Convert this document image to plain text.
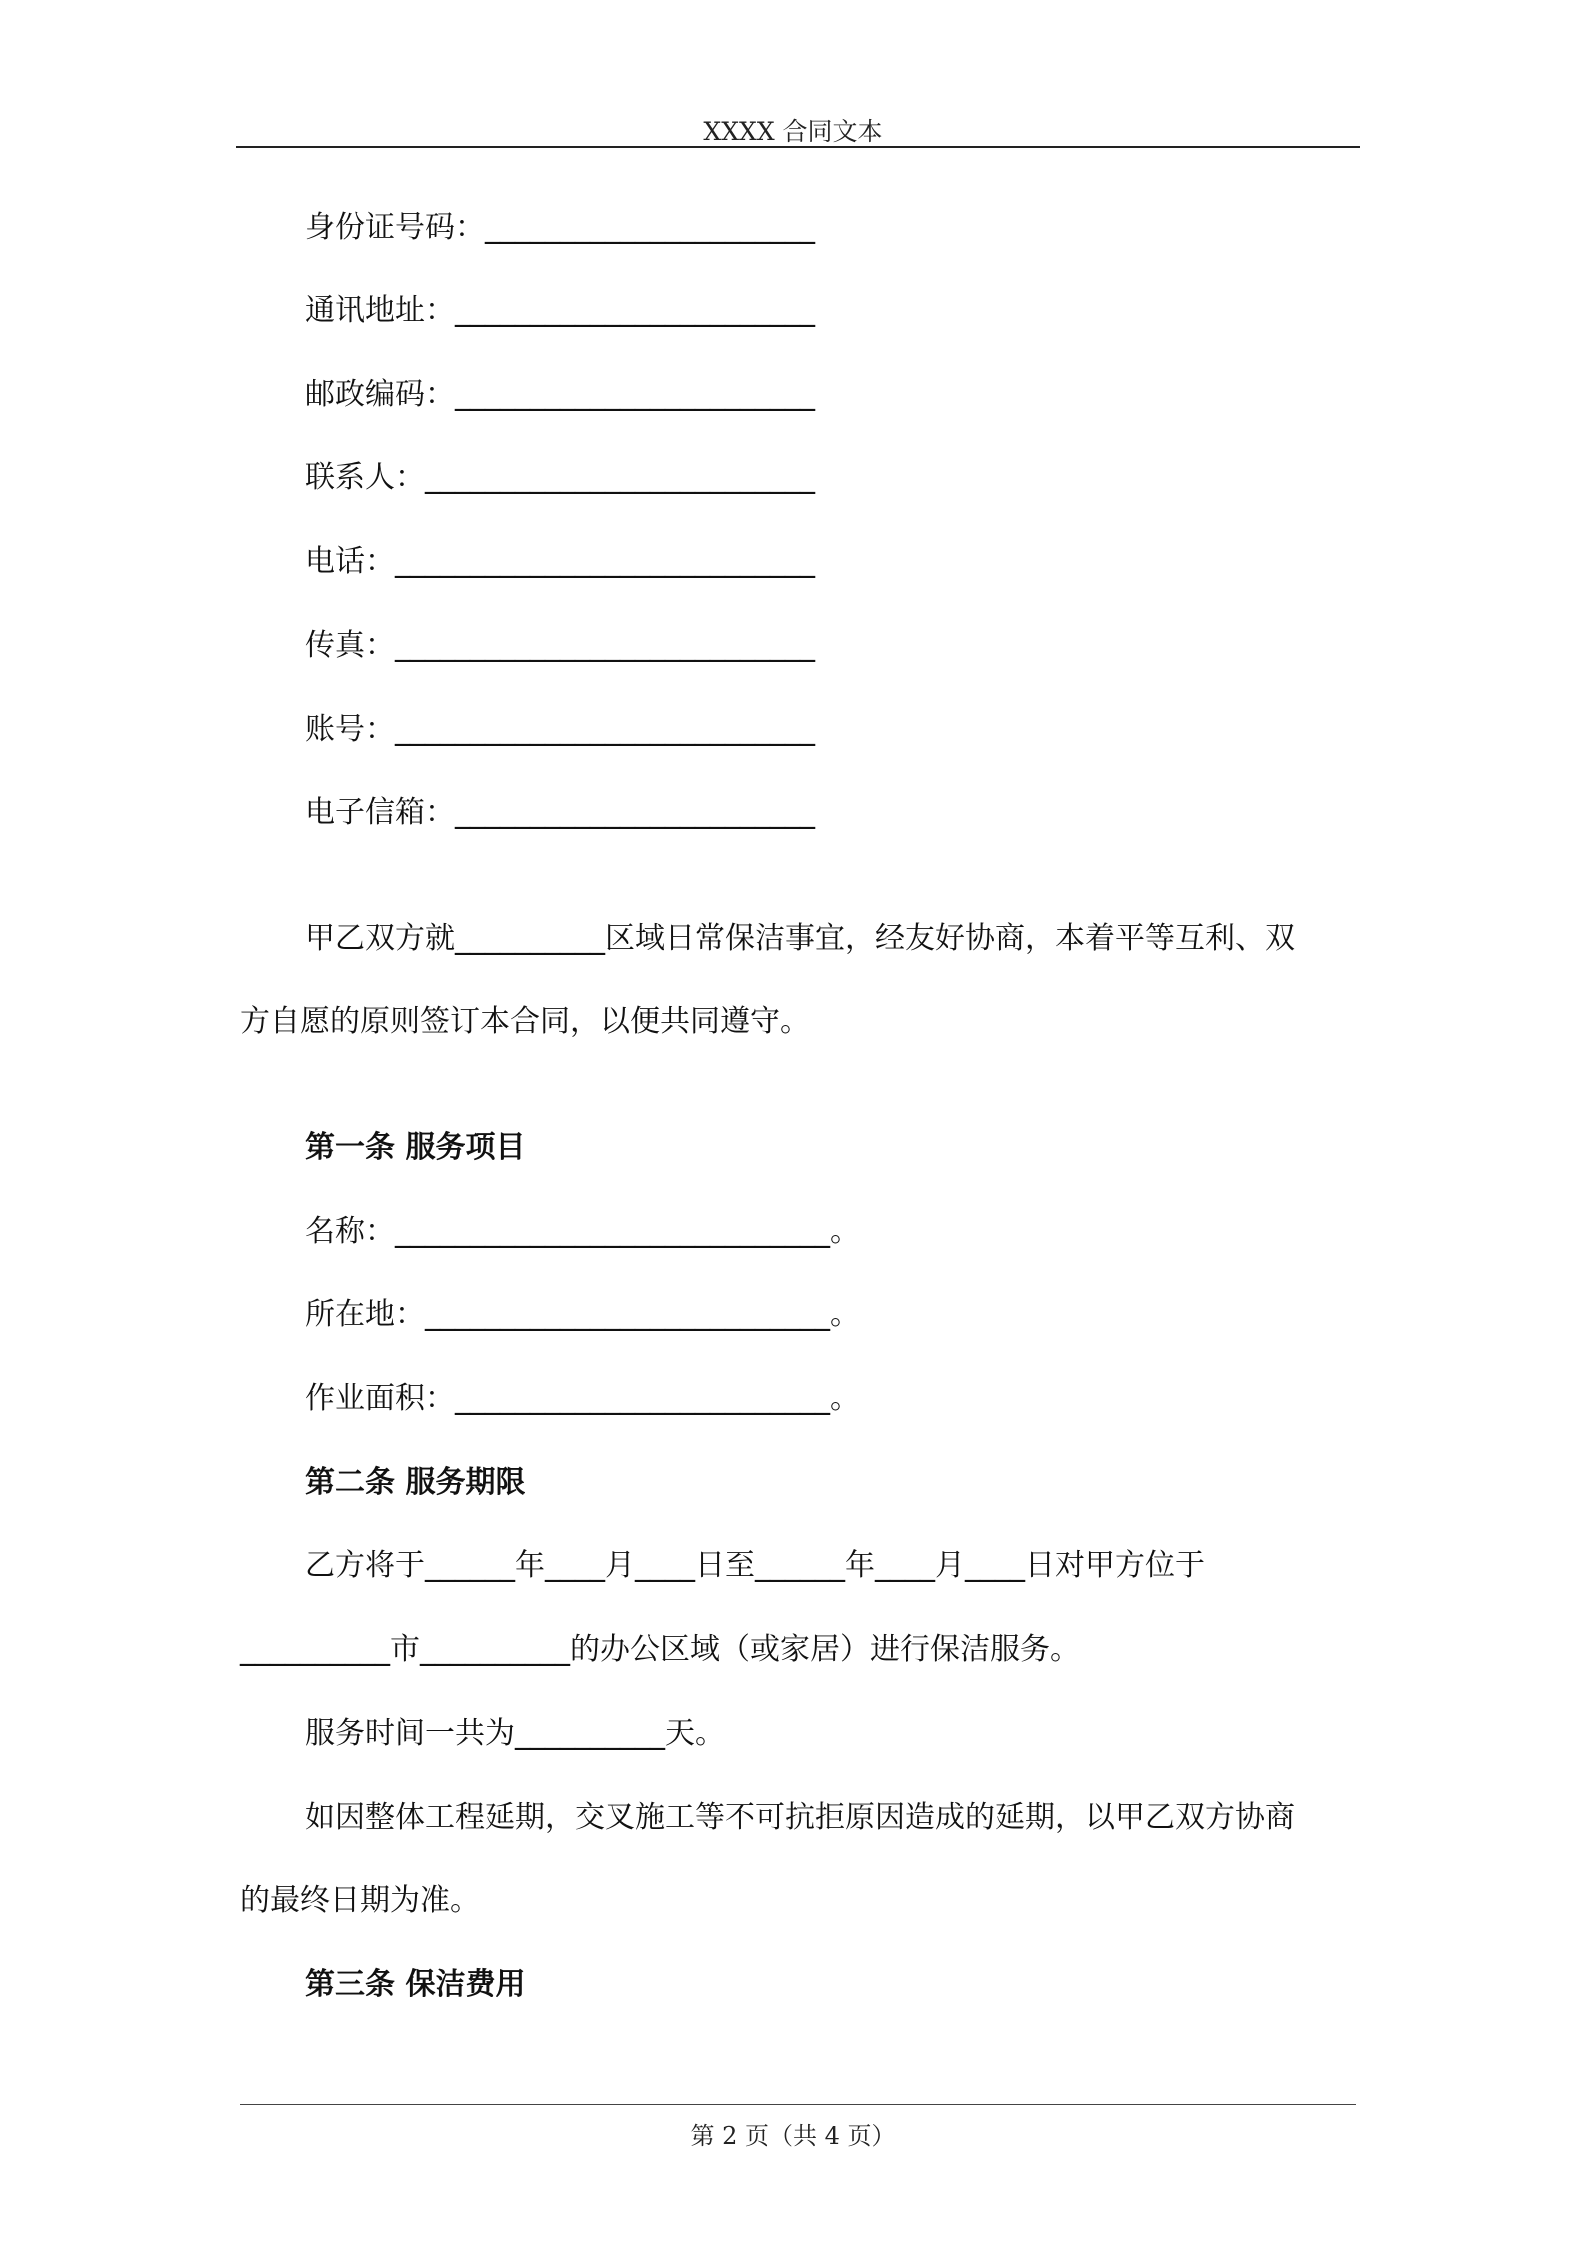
XXXX 合同文本
身份证号码：______________________
通讯地址：________________________
邮政编码：________________________
联系人：__________________________
电话：____________________________
传真：____________________________
账号：____________________________
电子信箱：________________________
甲乙双方就__________区域日常保洁事宜，经友好协商，本着平等互利、双
方自愿的原则签订本合同，以便共同遵守。
第一条 服务项目
名称：_____________________________。
所在地：___________________________。
作业面积：_________________________。
第二条 服务期限
乙方将于______年____月____日至______年____月____日对甲方位于
__________市__________的办公区域（或家居）进行保洁服务。
服务时间一共为__________天。
如因整体工程延期，交叉施工等不可抗拒原因造成的延期，以甲乙双方协商
的最终日期为准。
第三条 保洁费用
第 2 页（共 4 页）
